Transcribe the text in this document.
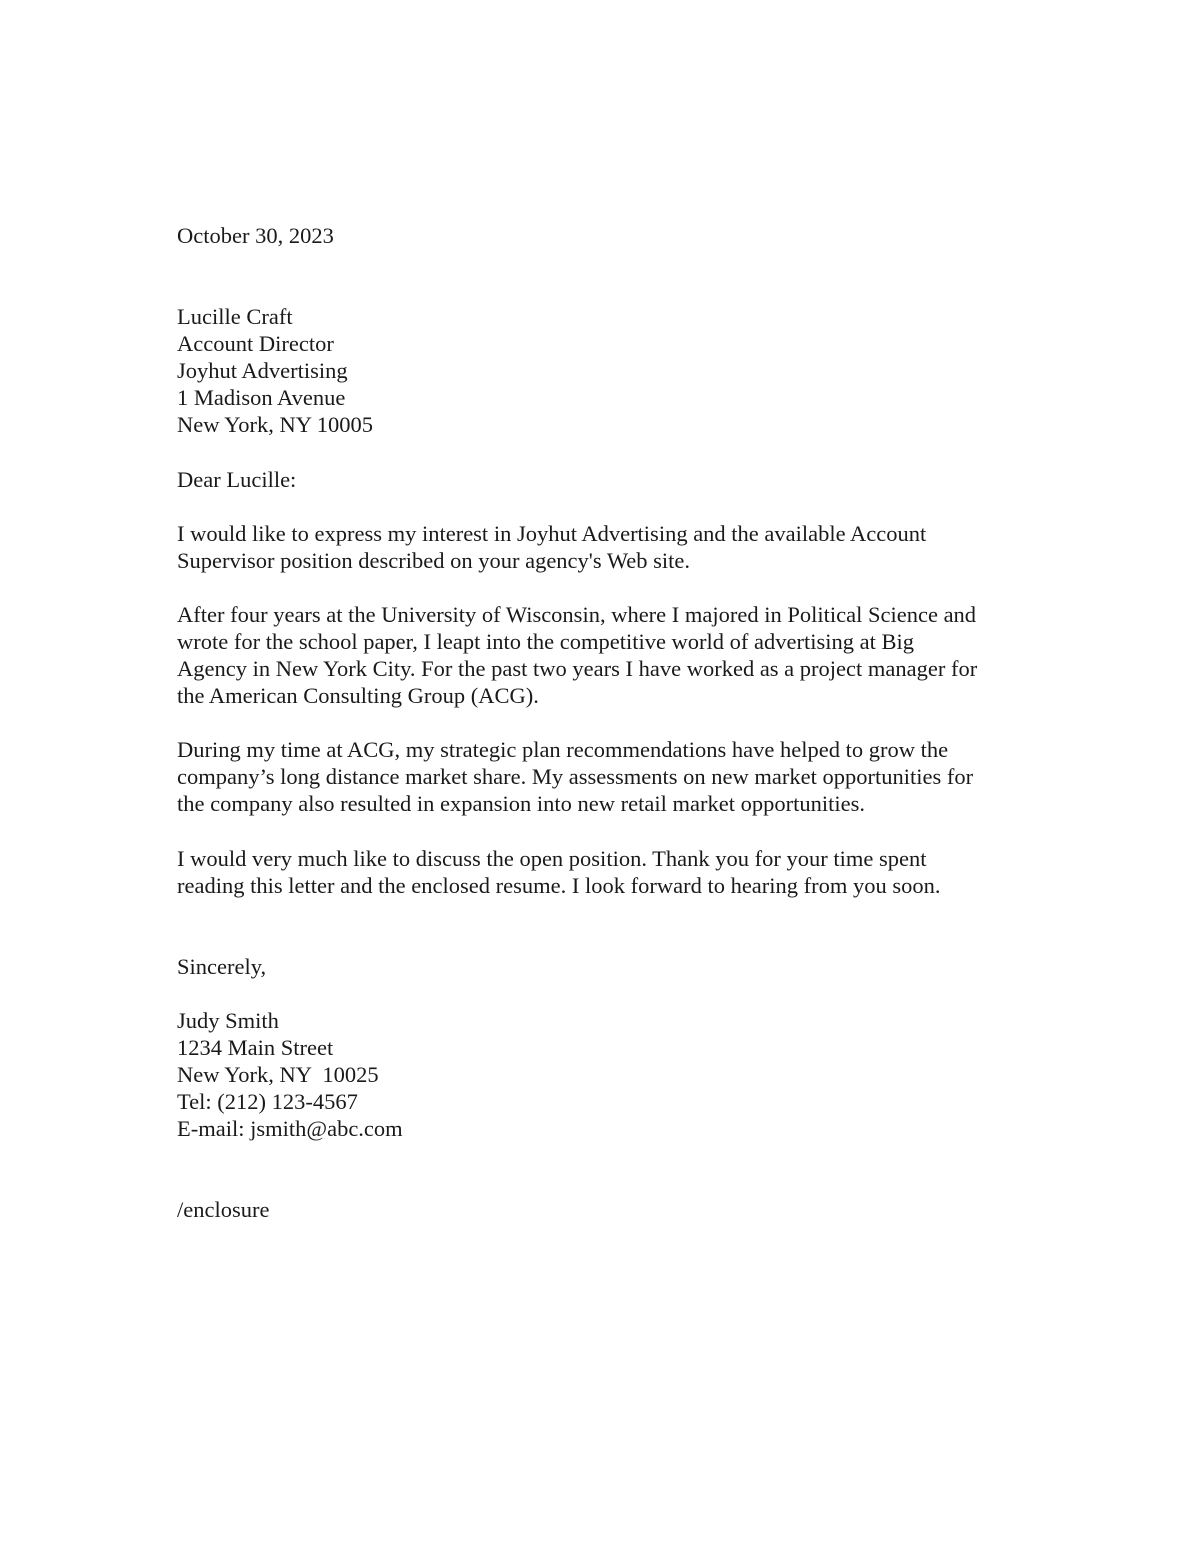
October 30, 2023
Lucille Craft
Account Director
Joyhut Advertising
1 Madison Avenue
New York, NY 10005
Dear Lucille:
I would like to express my interest in Joyhut Advertising and the available Account
Supervisor position described on your agency's Web site.
After four years at the University of Wisconsin, where I majored in Political Science and
wrote for the school paper, I leapt into the competitive world of advertising at Big
Agency in New York City. For the past two years I have worked as a project manager for
the American Consulting Group (ACG).
During my time at ACG, my strategic plan recommendations have helped to grow the
company’s long distance market share. My assessments on new market opportunities for
the company also resulted in expansion into new retail market opportunities.
I would very much like to discuss the open position. Thank you for your time spent
reading this letter and the enclosed resume. I look forward to hearing from you soon.
Sincerely,
Judy Smith
1234 Main Street
New York, NY  10025
Tel: (212) 123-4567
E-mail: jsmith@abc.com
/enclosure
